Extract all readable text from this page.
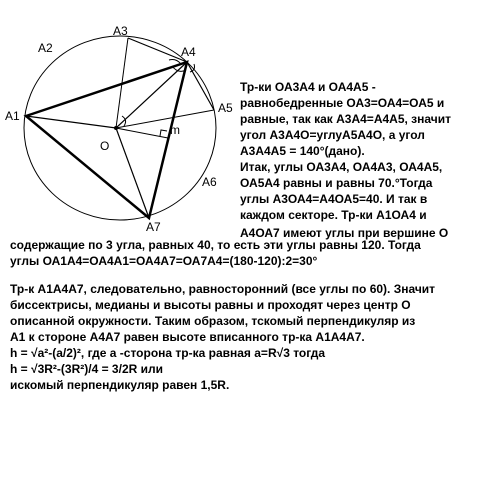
A1
A2
A3
A4
A5
A6
A7
O
m
Тр-ки ОА3А4 и ОА4А5 -
равнобедренные ОА3=ОА4=ОА5 и
равные, так как А3А4=А4А5, значит
угол А3А4О=углуА5А4О, а угол
А3А4А5 = 140°(дано).
Итак, углы ОА3А4, ОА4А3, ОА4А5,
ОА5А4 равны и равны 70.°Тогда
углы А3ОА4=А4ОА5=40. И так в
каждом секторе. Тр-ки А1ОА4 и
А4ОА7 имеют углы при вершине О
содержащие по 3 угла, равных 40, то есть эти углы равны 120. Тогда
углы ОА1А4=ОА4А1=ОА4А7=ОА7А4=(180-120):2=30°
Тр-к А1А4А7, следовательно, равносторонний (все углы по 60). Значит
биссектрисы, медианы и высоты равны и проходят через центр О
описанной окружности. Таким образом, тскомый перпендикуляр из
А1 к стороне А4А7 равен высоте вписанного тр-ка А1А4А7.
h = √a²-(a/2)², где а -сторона тр-ка равная а=R√3 тогда
h = √3R²-(3R²)/4 = 3/2R или
искомый перпендикуляр равен 1,5R.
